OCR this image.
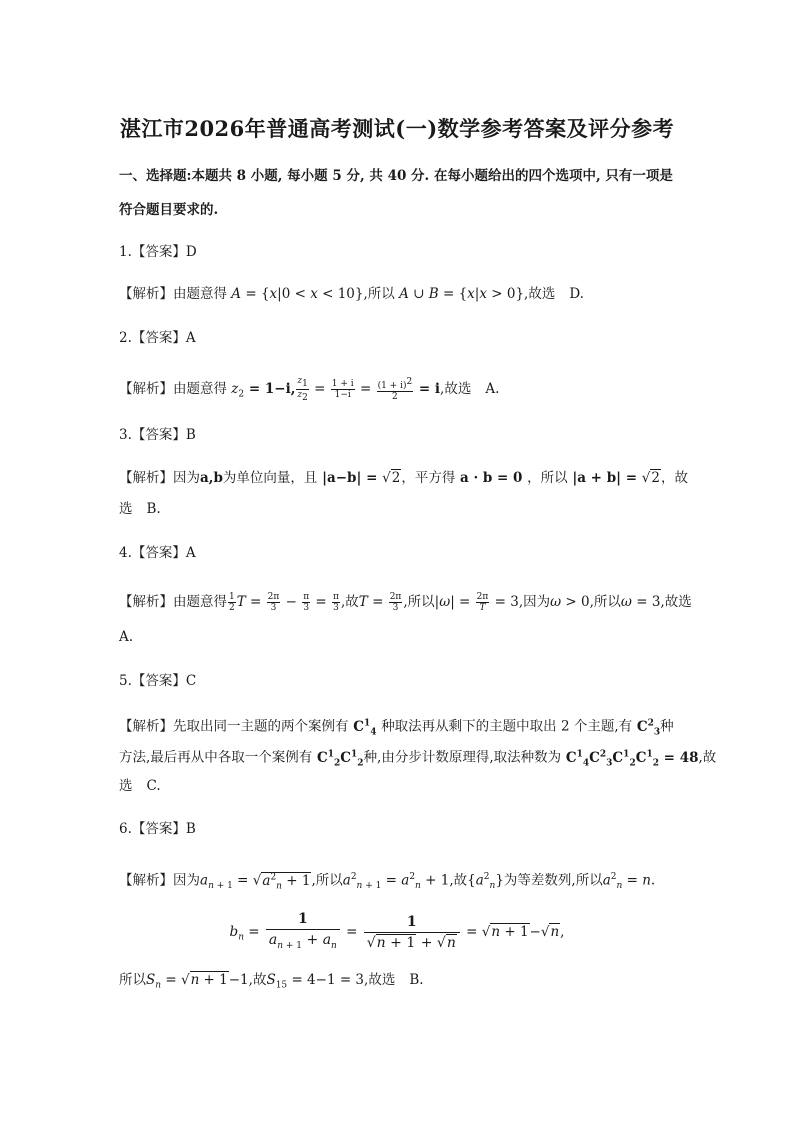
湛江市2026年普通高考测试(一)数学参考答案及评分参考
一、选择题:本题共 8 小题, 每小题 5 分, 共 40 分. 在每小题给出的四个选项中, 只有一项是
符合题目要求的.
1.【答案】D
【解析】由题意得 A = {x|0 < x < 10},所以 A ∪ B = {x|x > 0},故选 D.
2.【答案】A
【解析】由题意得 $z_2 = 1-i$, $\frac{z_1}{z_2} = \frac{1 + i}{1-i} = \frac{(1 + i)^2}{2} = i$,故选 A.
3.【答案】B
【解析】因为a,b为单位向量，且 |a−b| = √2，平方得 a · b = 0 ，所以 |a + b| = √2，故
选 B.
4.【答案】A
【解析】由题意得 $\frac{1}{2}$ $T = \frac{2\pi}{3} - \frac{\pi}{3} = \frac{\pi}{3}$ ,故$T = \frac{2\pi}{3}$ ,所以$|\omega| = \frac{2\pi}{T} = 3$,因为ω > 0,所以ω = 3,故选
A.
5.【答案】C
【解析】先取出同一主题的两个案例有 $C^1_4$ 种取法再从剩下的主题中取出 2 个主题,有 $C^2_3$种
方法,最后再从中各取一个案例有 $C^1_2C^1_2$种,由分步计数原理得,取法种数为 $C^1_4C^2_3C^1_2C^1_2 = 48$,故
选 C.
6.【答案】B
【解析】因为$a_{n + 1} = √a^2_n + 1$,所以$a^2_{n + 1} = a^2_n + 1$,故$\{a^2_n\}$为等差数列,所以$a^2_n = n$.
$b_n = \frac{1}{a_{n + 1} + a_n} = \frac{1}{√n + 1 + √n} = √n + 1-√n$,
所以$S_n = √n + 1-1$,故$S_{15} = 4-1 = 3$,故选 B.
